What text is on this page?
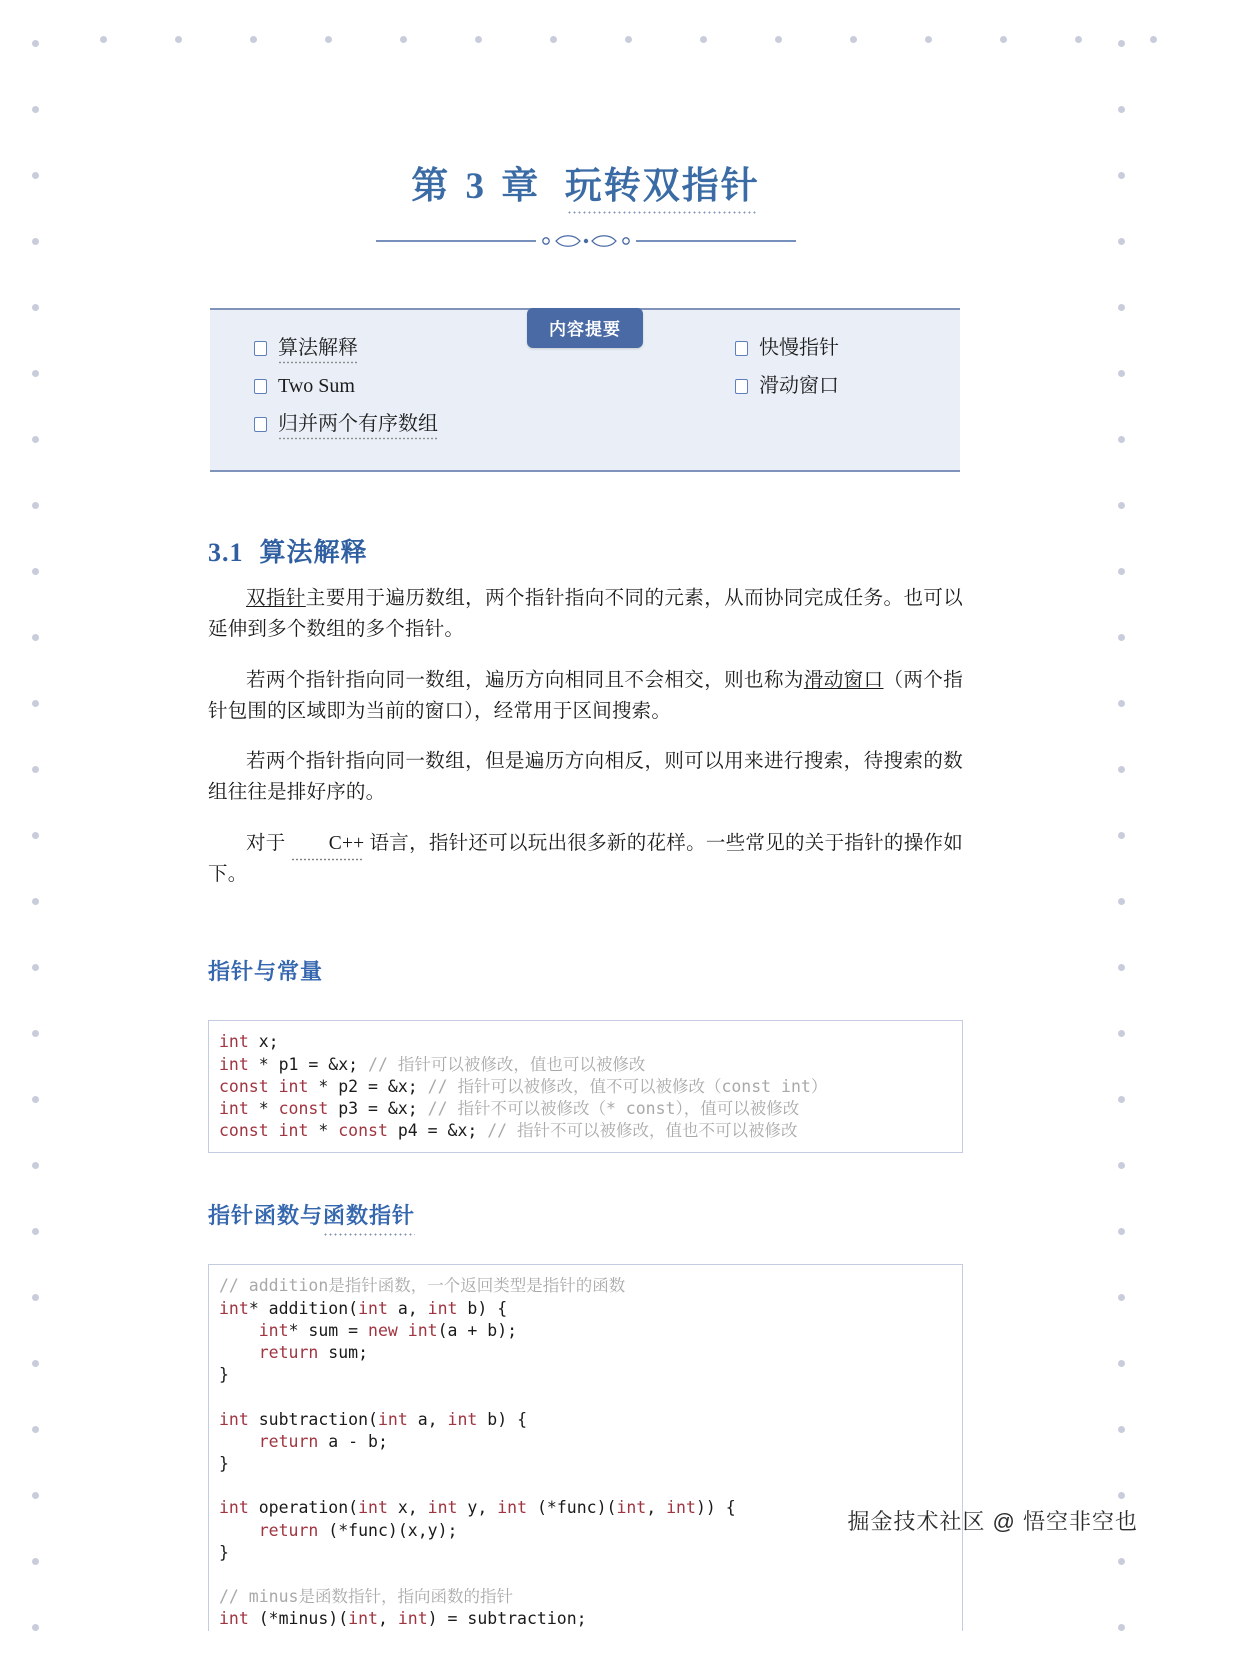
第 3 章 玩转双指针
内容提要
算法解释
Two Sum
归并两个有序数组
快慢指针
滑动窗口
3.1 算法解释

双指针主要用于遍历数组，两个指针指向不同的元素，从而协同完成任务。也可以延伸到多个数组的多个指针。

若两个指针指向同一数组，遍历方向相同且不会相交，则也称为滑动窗口（两个指针包围的区域即为当前的窗口），经常用于区间搜索。

若两个指针指向同一数组，但是遍历方向相反，则可以用来进行搜索，待搜索的数组往往是排好序的。

对于 C++ 语言，指针还可以玩出很多新的花样。一些常见的关于指针的操作如下。

指针与常量
int x;
int * p1 = &x; // 指针可以被修改，值也可以被修改
const int * p2 = &x; // 指针可以被修改，值不可以被修改（const int）
int * const p3 = &x; // 指针不可以被修改（* const），值可以被修改
const int * const p4 = &x; // 指针不可以被修改，值也不可以被修改
指针函数与函数指针
// addition是指针函数，一个返回类型是指针的函数
int* addition(int a, int b) {
int* sum = new int(a + b);
return sum;
}

int subtraction(int a, int b) {
return a - b;
}

int operation(int x, int y, int (*func)(int, int)) {
return (*func)(x,y);
}

// minus是函数指针，指向函数的指针
int (*minus)(int, int) = subtraction;
掘金技术社区 @ 悟空非空也
